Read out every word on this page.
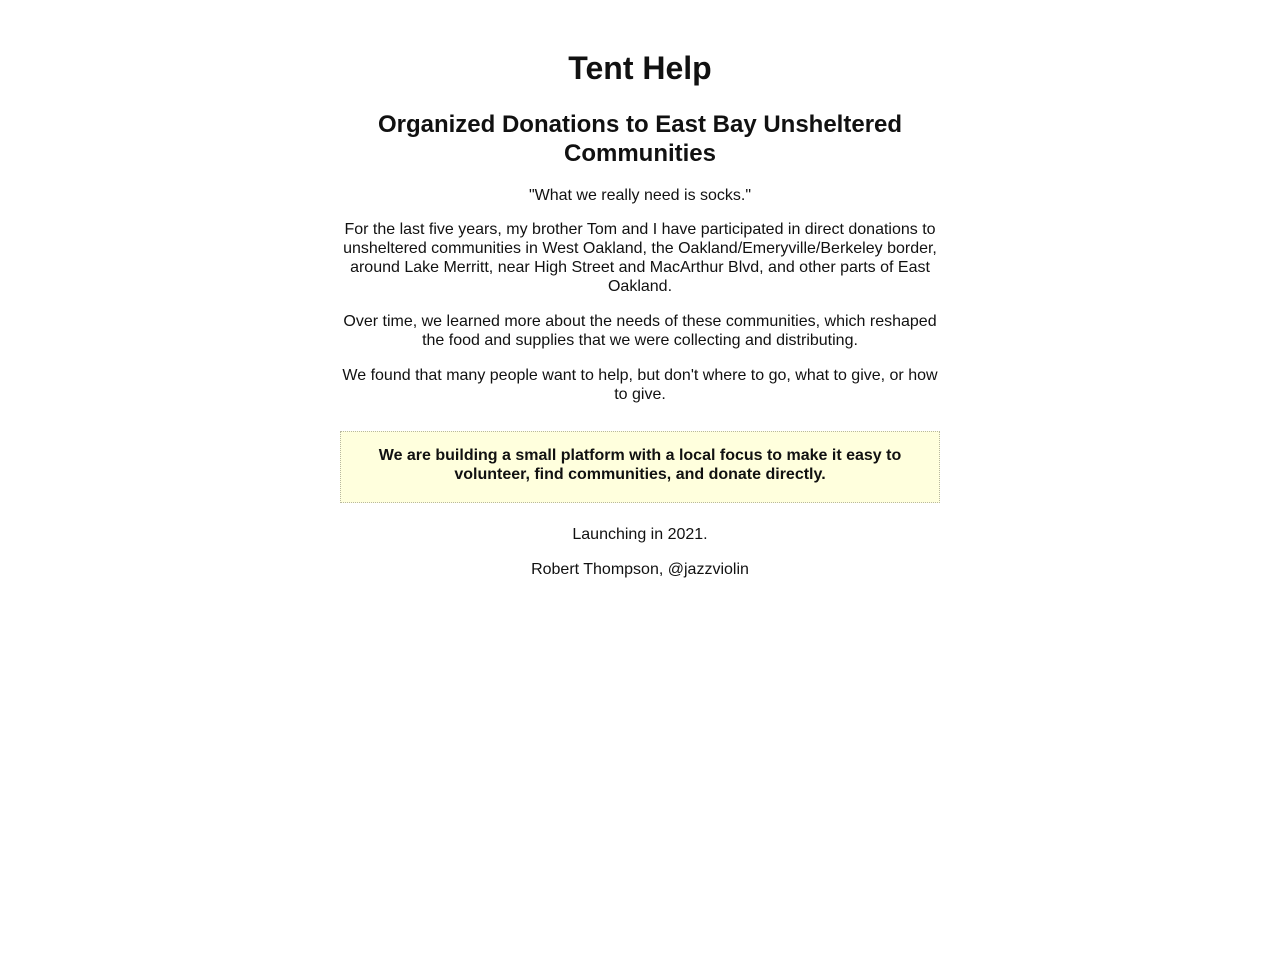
Tent Help
Organized Donations to East Bay Unsheltered Communities

"What we really need is socks."

For the last five years, my brother Tom and I have participated in direct donations to unsheltered communities in West Oakland, the Oakland/Emeryville/Berkeley border, around Lake Merritt, near High Street and MacArthur Blvd, and other parts of East Oakland.

Over time, we learned more about the needs of these communities, which reshaped the food and supplies that we were collecting and distributing.

We found that many people want to help, but don't where to go, what to give, or how to give.

We are building a small platform with a local focus to make it easy to volunteer, find communities, and donate directly.

Launching in 2021.

Robert Thompson, @jazzviolin
